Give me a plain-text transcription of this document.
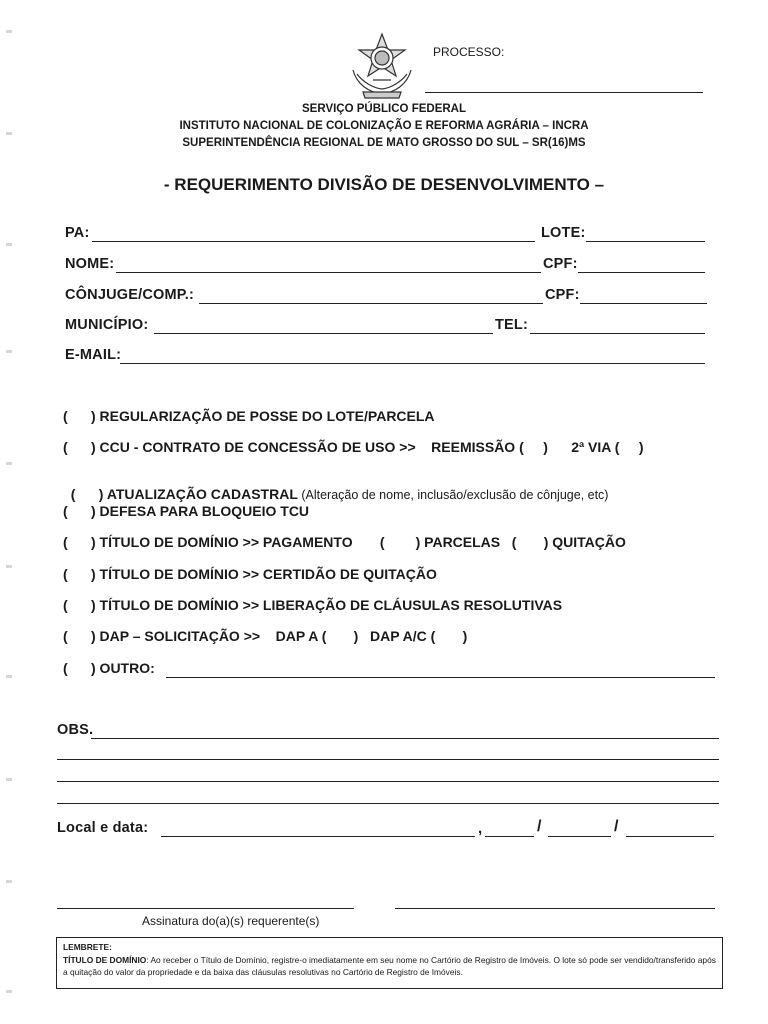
PROCESSO:
SERVIÇO PÚBLICO FEDERAL
INSTITUTO NACIONAL DE COLONIZAÇÃO E REFORMA AGRÁRIA – INCRA
SUPERINTENDÊNCIA REGIONAL DE MATO GROSSO DO SUL – SR(16)MS
- REQUERIMENTO DIVISÃO DE DESENVOLVIMENTO –
PA:	LOTE:
NOME:	CPF:
CÔNJUGE/COMP.:	CPF:
MUNICÍPIO:	TEL:
E-MAIL:
(      ) REGULARIZAÇÃO DE POSSE DO LOTE/PARCELA
(      ) CCU - CONTRATO DE CONCESSÃO DE USO >>    REEMISSÃO (     )      2ª VIA (     )

(      ) ATUALIZAÇÃO CADASTRAL (Alteração de nome, inclusão/exclusão de cônjuge, etc)

(      ) DEFESA PARA BLOQUEIO TCU
(      ) TÍTULO DE DOMÍNIO >> PAGAMENTO       (        ) PARCELAS   (       ) QUITAÇÃO
(      ) TÍTULO DE DOMÍNIO >> CERTIDÃO DE QUITAÇÃO
(      ) TÍTULO DE DOMÍNIO >> LIBERAÇÃO DE CLÁUSULAS RESOLUTIVAS
(      ) DAP – SOLICITAÇÃO >>    DAP A (       )   DAP A/C (       )
(      ) OUTRO:
OBS.
Local e data:	,	/	/
Assinatura do(a)(s) requerente(s)
LEMBRETE:
TÍTULO DE DOMÍNIO: Ao receber o Título de Domínio, registre-o imediatamente em seu nome no Cartório de Registro de Imóveis. O lote só pode ser vendido/transferido após a quitação do valor da propriedade e da baixa das cláusulas resolutivas no Cartório de Registro de Imóveis.
